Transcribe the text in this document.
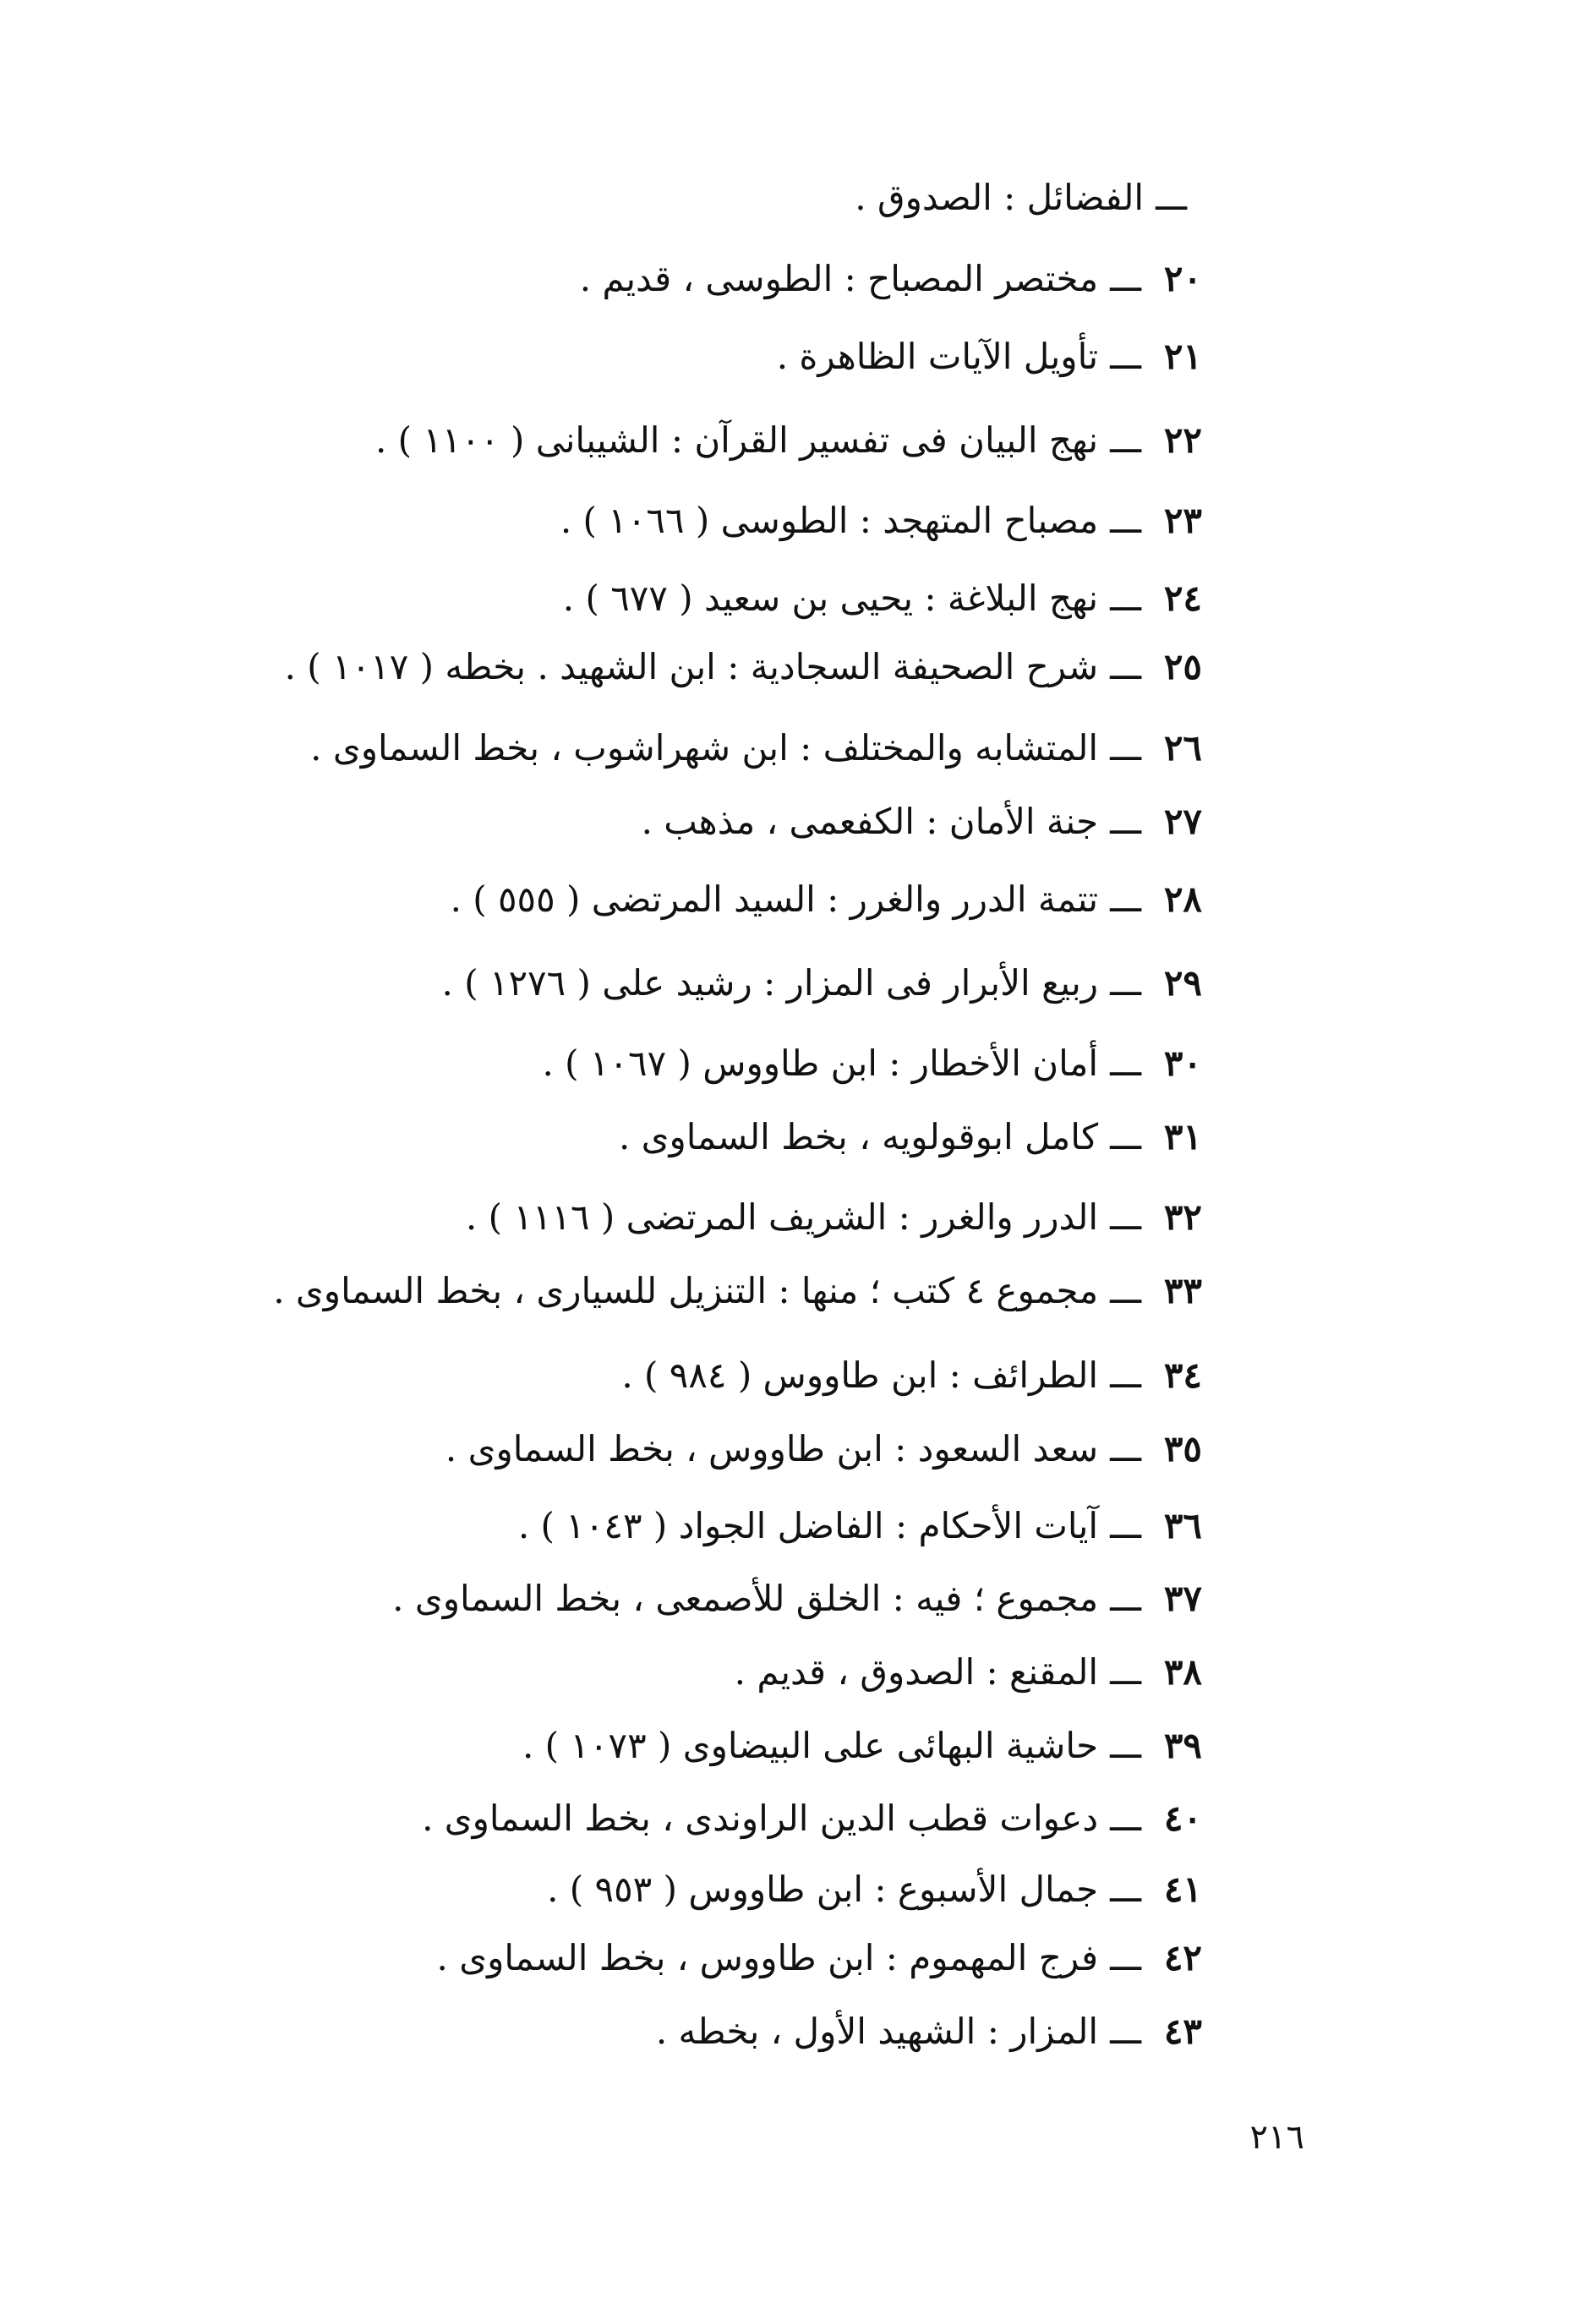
ـــالفضائل : الصدوق .
٢٠ـــمختصر المصباح : الطوسى ، قديم .
٢١ـــتأويل الآيات الظاهرة .
٢٢ـــنهج البيان فى تفسير القرآن : الشيبانى ( ١١٠٠ ) .
٢٣ـــمصباح المتهجد : الطوسى ( ١٠٦٦ ) .
٢٤ـــنهج البلاغة : يحيى بن سعيد ( ٦٧٧ ) .
٢٥ـــشرح الصحيفة السجادية : ابن الشهيد . بخطه ( ١٠١٧ ) .
٢٦ـــالمتشابه والمختلف : ابن شهراشوب ، بخط السماوى .
٢٧ـــجنة الأمان : الكفعمى ، مذهب .
٢٨ـــتتمة الدرر والغرر : السيد المرتضى ( ٥٥٥ ) .
٢٩ـــربيع الأبرار فى المزار : رشيد على ( ١٢٧٦ ) .
٣٠ـــأمان الأخطار : ابن طاووس ( ١٠٦٧ ) .
٣١ـــكامل ابوقولويه ، بخط السماوى .
٣٢ـــالدرر والغرر : الشريف المرتضى ( ١١١٦ ) .
٣٣ـــمجموع ٤ كتب ؛ منها : التنزيل للسيارى ، بخط السماوى .
٣٤ـــالطرائف : ابن طاووس ( ٩٨٤ ) .
٣٥ـــسعد السعود : ابن طاووس ، بخط السماوى .
٣٦ـــآيات الأحكام : الفاضل الجواد ( ١٠٤٣ ) .
٣٧ـــمجموع ؛ فيه : الخلق للأصمعى ، بخط السماوى .
٣٨ـــالمقنع : الصدوق ، قديم .
٣٩ـــحاشية البهائى على البيضاوى ( ١٠٧٣ ) .
٤٠ـــدعوات قطب الدين الراوندى ، بخط السماوى .
٤١ـــجمال الأسبوع : ابن طاووس ( ٩٥٣ ) .
٤٢ـــفرج المهموم : ابن طاووس ، بخط السماوى .
٤٣ـــالمزار : الشهيد الأول ، بخطه .
٢١٦
